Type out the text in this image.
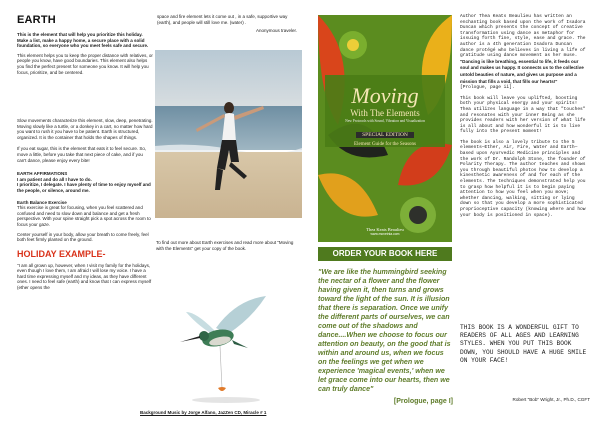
EARTH

This is the element that will help you prioritize this holiday. Make a list, make a happy home, a secure place with a solid foundation, so everyone who you meet feels safe and secure.

This element helps you to keep the proper distance with relatives, or people you know, have good boundaries. This element also helps you find the perfect present for someone you know. It will help you focus, prioritize, and be centered.

Slow movements characterize this element, slow, deep, penetrating. Moving slowly like a turtle, or a donkey in a cart, no matter how hard you want to rush it you have to be patient. Earth is structured, organized. It is the container that holds the shapes of things.

If you eat sugar, this is the element that eats it to feel secure. So, move a little, before you take that next piece of cake, and if you can't dance, please enjoy every bite!

EARTH AFFIRMATIONS

I am patient and do all I have to do.

I prioritize, I delegate. I have plenty of time to enjoy myself and the people, or silence, around me.

Earth Balance Exercise

This exercise is great for focusing, when you feel scattered and confused and need to slow down and balance and get a fresh perspective. With your spine straight pick a spot across the room to focus your gaze.

Center yourself in your body, allow your breath to come freely, feel both feet firmly planted on the ground.

HOLIDAY EXAMPLE-

"I am all grown up, however, when I visit my family for the holidays, even though I love them, I am afraid I will lose my voice. I have a hard time expressing myself and my ideas, as they have different ones. I need to feel safe (earth) and know that I can express myself (ether opens the

space and fire element lets it come out , in a safe, supportive way (earth), and people will still love me. (water) .

Anonymous traveler.

To find out more about Earth exercises and read more about "Moving with the Elements" get your copy of the book.

Background Music by Jorge Alfano, JazZen CD, Miracle # 1

Moving
With The Elements
New Protocols with Sound, Vibration and Visualization
SPECIAL EDITION
Element Guide for the Seasons
Thea Keats Beaulieu
www.moveinla.com
ORDER YOUR BOOK HERE
"We are like the hummingbird seeking the nectar of a flower and the flower having given it, then turns and grows toward the light of the sun. It is illusion that there is separation. Once we unify the different parts of ourselves, we can come out of the shadows and dance....When we choose to focus our attention on beauty, on the good that is within and around us, when we focus on the feelings we get when we experience 'magical events,' when we let grace come into our hearts, then we can truly dance"
[Prologue, page I]

Author Thea Keats Beaulieu has written an enchanting book based upon the work of Isadora Duncan which presents the concept of creative transformation using dance as metaphor for issuing forth fine, style, ease and grace. The author is a 4th generation Isadora Duncan dance protégé who believes in living a life of gratitude using dance movement as her muse. "Dancing is like breathing, essential to life, it feeds our soul and makes us happy. It connects us to the collective untold beauties of nature, and gives us purpose and a mission that fills a void, that fills our hearts!" [Prologue, page ii].

This book will leave you uplifted, boosting both your physical energy and your spirits! Thea utilizes language in a way that "touches" and resonates with your inner Being as she provides readers with her version of what life is all about and how wonderful it is to live fully into the present moment!

The book is also a lovely tribute to the 5 elements—Ether, Air, Fire, Water and Earth—based upon Ayurvedic Medicine principles and the work of Dr. Randolph Stone, the founder of Polarity Therapy. The author teaches and shows you through beautiful photos how to develop a kinesthetic awareness of and for each of the elements. The techniques demonstrated help you to grasp how helpful it is to begin paying attention to how you feel when you move; whether dancing, walking, sitting or lying down so that you develop a more sophisticated proprioceptive capacity (knowing where and how your body is positioned in space).

THIS BOOK IS A WONDERFUL GIFT TO READERS OF ALL AGES AND LEARNING STYLES. WHEN YOU PUT THIS BOOK DOWN, YOU SHOULD HAVE A HUGE SMILE ON YOUR FACE!
Robert "Bob" Wright, Jr., Ph.D., CGFT
